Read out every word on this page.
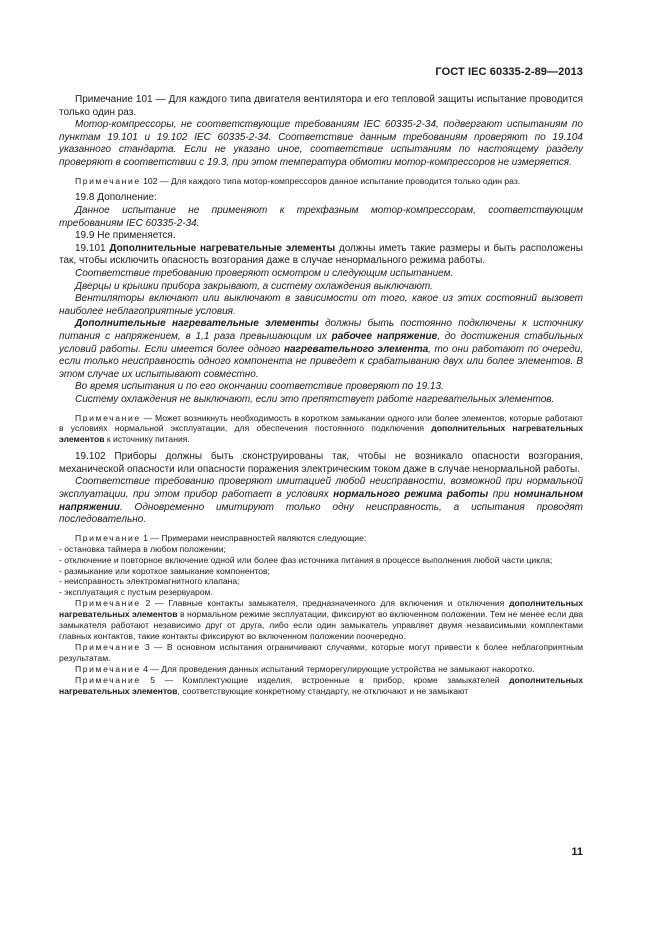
ГОСТ IEC 60335-2-89—2013

Примечание 101 — Для каждого типа двигателя вентилятора и его тепловой защиты испытание проводится только один раз.

Мотор-компрессоры, не соответствующие требованиям IEC 60335-2-34, подвергают испытаниям по пунктам 19.101 и 19.102 IEC 60335-2-34. Соответствие данным требованиям проверяют по 19.104 указанного стандарта. Если не указано иное, соответствие испытаниям по настоящему разделу проверяют в соответствии с 19.3, при этом температура обмотки мотор-компрессоров не измеряется.

Примечание 102 — Для каждого типа мотор-компрессоров данное испытание проводится только один раз.

19.8 Дополнение:

Данное испытание не применяют к трехфазным мотор-компрессорам, соответствующим требованиям IEC 60335-2-34.

19.9 Не применяется.

19.101 Дополнительные нагревательные элементы должны иметь такие размеры и быть расположены так, чтобы исключить опасность возгорания даже в случае ненормального режима работы.

Соответствие требованию проверяют осмотром и следующим испытанием.

Дверцы и крышки прибора закрывают, а систему охлаждения выключают.

Вентиляторы включают или выключают в зависимости от того, какое из этих состояний вызовет наиболее неблагоприятные условия.

Дополнительные нагревательные элементы должны быть постоянно подключены к источнику питания с напряжением, в 1,1 раза превышающим их рабочее напряжение, до достижения стабильных условий работы. Если имеется более одного нагревательного элемента, то они работают по очереди, если только неисправность одного компонента не приведет к срабатыванию двух или более элементов. В этом случае их испытывают совместно.

Во время испытания и по его окончании соответствие проверяют по 19.13.

Систему охлаждения не выключают, если это препятствует работе нагревательных элементов.

Примечание — Может возникнуть необходимость в коротком замыкании одного или более элементов, которые работают в условиях нормальной эксплуатации, для обеспечения постоянного подключения дополнительных нагревательных элементов к источнику питания.

19.102 Приборы должны быть сконструированы так, чтобы не возникало опасности возгорания, механической опасности или опасности поражения электрическим током даже в случае ненормальной работы.

Соответствие требованию проверяют имитацией любой неисправности, возможной при нормальной эксплуатации, при этом прибор работает в условиях нормального режима работы при номинальном напряжении. Одновременно имитируют только одну неисправность, а испытания проводят последовательно.

Примечание 1 — Примерами неисправностей являются следующие:

- остановка таймера в любом положении;

- отключение и повторное включение одной или более фаз источника питания в процессе выполнения любой части цикла;

- размыкание или короткое замыкание компонентов;

- неисправность электромагнитного клапана;

- эксплуатация с пустым резервуаром.

Примечание 2 — Главные контакты замыкателя, предназначенного для включения и отключения дополнительных нагревательных элементов в нормальном режиме эксплуатации, фиксируют во включенном положении. Тем не менее если два замыкателя работают независимо друг от друга, либо если один замыкатель управляет двумя независимыми комплектами главных контактов, такие контакты фиксируют во включенном положении поочередно.

Примечание 3 — В основном испытания ограничивают случаями, которые могут привести к более неблагоприятным результатам.

Примечание 4 — Для проведения данных испытаний терморегулирующие устройства не замыкают накоротко.

Примечание 5 — Комплектующие изделия, встроенные в прибор, кроме замыкателей дополнительных нагревательных элементов, соответствующие конкретному стандарту, не отключают и не замыкают

11
